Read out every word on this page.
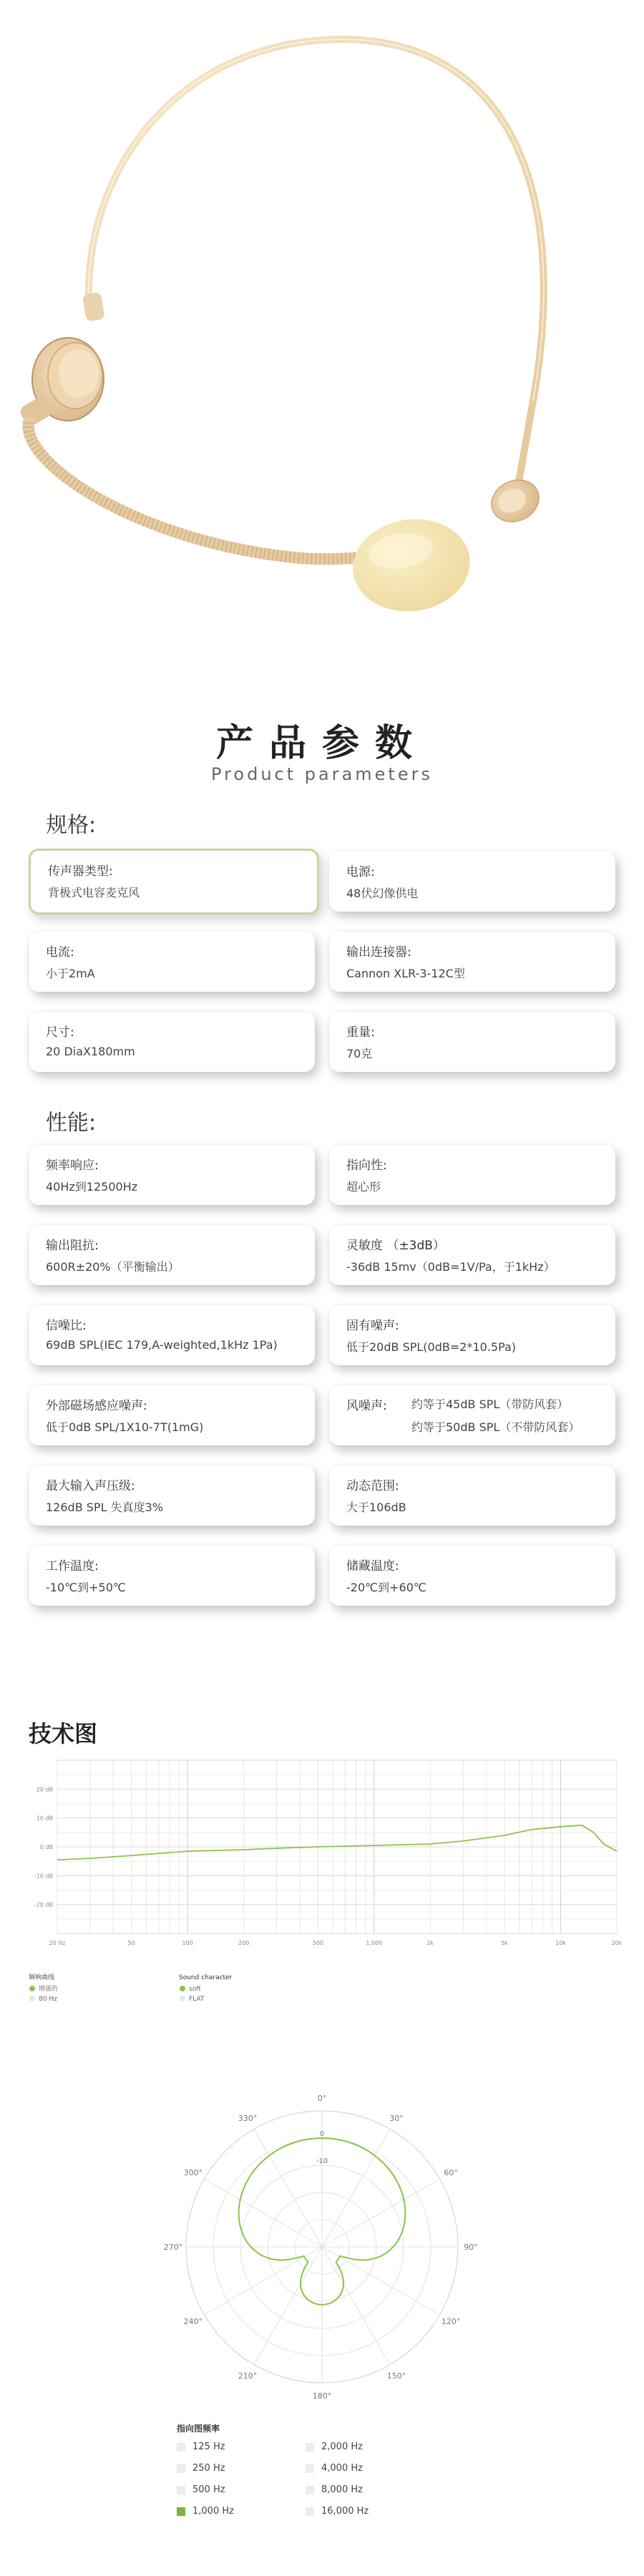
产品参数
Product parameters
规格:
传声器类型:
背极式电容麦克风
电源:
48伏幻像供电
电流:
小于2mA
输出连接器:
Cannon XLR-3-12C型
尺寸:
20 DiaX180mm
重量:
70克
性能:
频率响应:
40Hz到12500Hz
指向性:
超心形
输出阻抗:
600R±20%（平衡输出）
灵敏度 （±3dB）
-36dB 15mv（0dB=1V/Pa，于1kHz）
信噪比:
69dB SPL(IEC 179,A-weighted,1kHz 1Pa)
固有噪声:
低于20dB SPL(0dB=2*10.5Pa)
外部磁场感应噪声:
低于0dB SPL/1X10-7T(1mG)
风噪声: 约等于45dB SPL（带防风套）
约等于50dB SPL（不带防风套）
最大输入声压级:
126dB SPL 失真度3%
动态范围:
大于106dB
工作温度:
-10℃到+50℃
储藏温度:
-20℃到+60℃
技术图
20 dB
10 dB
0 dB
-10 dB
-20 dB
20 Hz	50	100	200	500	1,000	2k	5k	10k	20k
频响曲线
增强的
80 Hz
Sound character
soft
FLAT
0°
30°
60°
90°
120°
150°
180°
210°
240°
270°
300°
330°
0
-10
指向图频率
125 Hz	2,000 Hz
250 Hz	4,000 Hz
500 Hz	8,000 Hz
1,000 Hz	16,000 Hz
